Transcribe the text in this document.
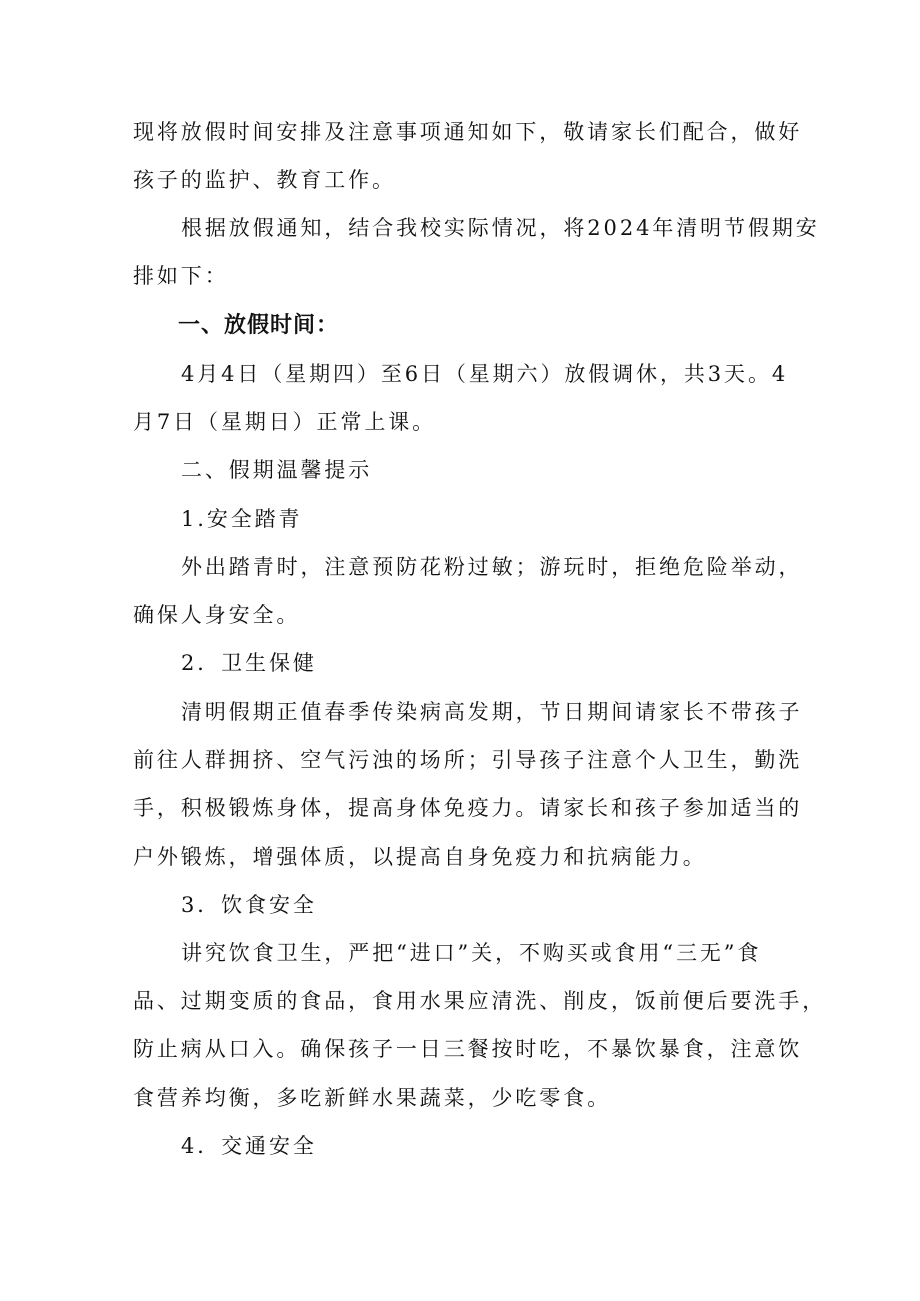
现将放假时间安排及注意事项通知如下，敬请家长们配合，做好
孩子的监护、教育工作。
根据放假通知，结合我校实际情况，将2024年清明节假期安
排如下：
一、放假时间：
4月4日（星期四）至6日（星期六）放假调休，共3天。4
月7日（星期日）正常上课。
二、假期温馨提示
1.安全踏青
外出踏青时，注意预防花粉过敏；游玩时，拒绝危险举动，
确保人身安全。
2．卫生保健
清明假期正值春季传染病高发期，节日期间请家长不带孩子
前往人群拥挤、空气污浊的场所；引导孩子注意个人卫生，勤洗
手，积极锻炼身体，提高身体免疫力。请家长和孩子参加适当的
户外锻炼，增强体质，以提高自身免疫力和抗病能力。
3．饮食安全
讲究饮食卫生，严把“进口”关，不购买或食用“三无”食
品、过期变质的食品，食用水果应清洗、削皮，饭前便后要洗手，
防止病从口入。确保孩子一日三餐按时吃，不暴饮暴食，注意饮
食营养均衡，多吃新鲜水果蔬菜，少吃零食。
4．交通安全
